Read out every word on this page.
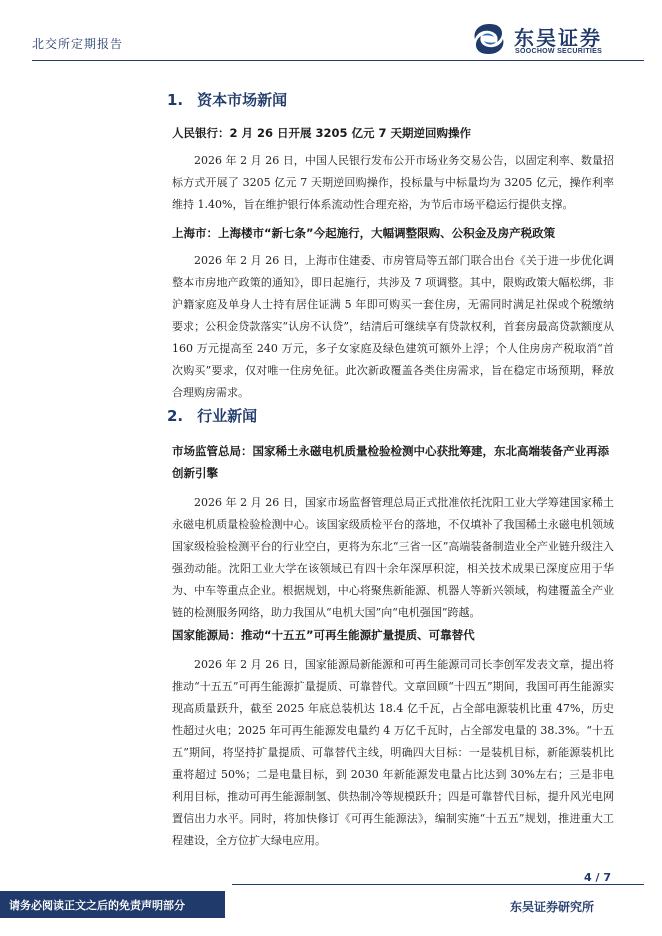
北交所定期报告	东吴证券
SOOCHOW SECURITIES
1. 资本市场新闻
人民银行：2 月 26 日开展 3205 亿元 7 天期逆回购操作

2026 年 2 月 26 日，中国人民银行发布公开市场业务交易公告，以固定利率、数量招标方式开展了 3205 亿元 7 天期逆回购操作，投标量与中标量均为 3205 亿元，操作利率维持 1.40%，旨在维护银行体系流动性合理充裕，为节后市场平稳运行提供支撑。

上海市：上海楼市“新七条”今起施行，大幅调整限购、公积金及房产税政策

2026 年 2 月 26 日，上海市住建委、市房管局等五部门联合出台《关于进一步优化调整本市房地产政策的通知》，即日起施行，共涉及 7 项调整。其中，限购政策大幅松绑，非沪籍家庭及单身人士持有居住证满 5 年即可购买一套住房，无需同时满足社保或个税缴纳要求；公积金贷款落实“认房不认贷”，结清后可继续享有贷款权利，首套房最高贷款额度从 160 万元提高至 240 万元，多子女家庭及绿色建筑可额外上浮；个人住房房产税取消“首次购买”要求，仅对唯一住房免征。此次新政覆盖各类住房需求，旨在稳定市场预期，释放合理购房需求。

2. 行业新闻
市场监管总局：国家稀土永磁电机质量检验检测中心获批筹建，东北高端装备产业再添创新引擎

2026 年 2 月 26 日，国家市场监督管理总局正式批准依托沈阳工业大学筹建国家稀土永磁电机质量检验检测中心。该国家级质检平台的落地，不仅填补了我国稀土永磁电机领域国家级检验检测平台的行业空白，更将为东北“三省一区”高端装备制造业全产业链升级注入强劲动能。沈阳工业大学在该领域已有四十余年深厚积淀，相关技术成果已深度应用于华为、中车等重点企业。根据规划，中心将聚焦新能源、机器人等新兴领域，构建覆盖全产业链的检测服务网络，助力我国从“电机大国”向“电机强国”跨越。

国家能源局：推动“十五五”可再生能源扩量提质、可靠替代

2026 年 2 月 26 日，国家能源局新能源和可再生能源司司长李创军发表文章，提出将推动“十五五”可再生能源扩量提质、可靠替代。文章回顾“十四五”期间，我国可再生能源实现高质量跃升，截至 2025 年底总装机达 18.4 亿千瓦，占全部电源装机比重 47%，历史性超过火电；2025 年可再生能源发电量约 4 万亿千瓦时，占全部发电量的 38.3%。“十五五”期间，将坚持扩量提质、可靠替代主线，明确四大目标：一是装机目标，新能源装机比重将超过 50%；二是电量目标，到 2030 年新能源发电量占比达到 30%左右；三是非电利用目标，推动可再生能源制氢、供热制冷等规模跃升；四是可靠替代目标，提升风光电网置信出力水平。同时，将加快修订《可再生能源法》，编制实施“十五五”规划，推进重大工程建设，全方位扩大绿电应用。

4 / 7
请务必阅读正文之后的免责声明部分	东吴证券研究所
